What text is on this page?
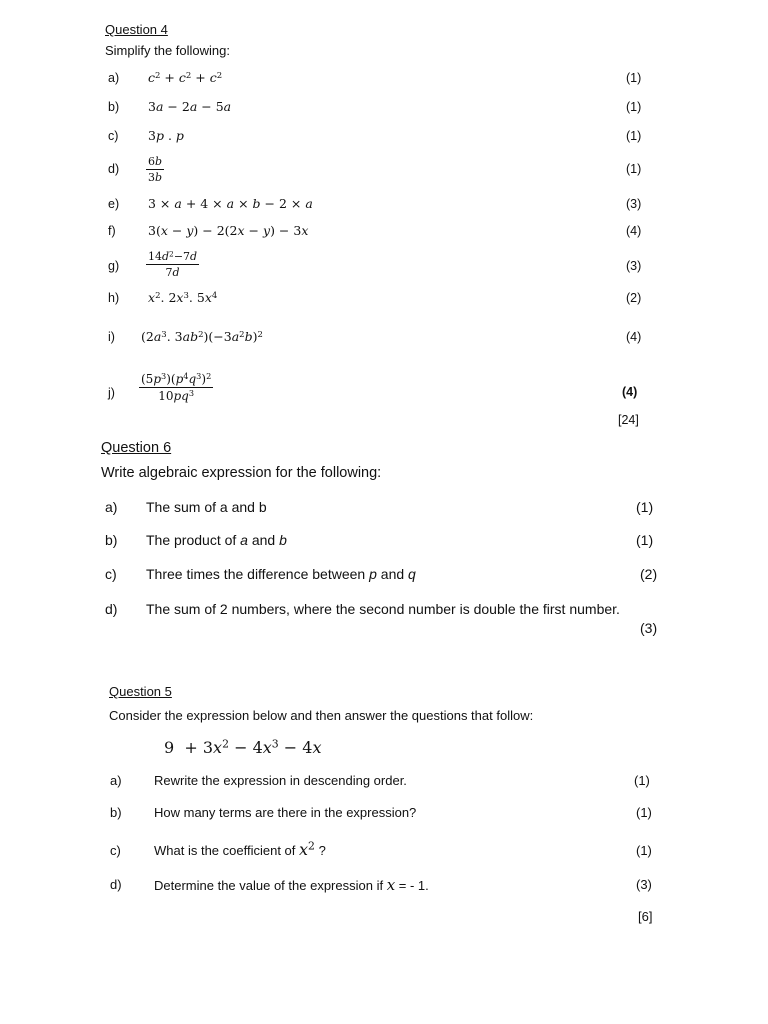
Question 4
Simplify the following:
a) $c^2 + c^2 + c^2$	(1)
b) 3a − 2a − 5a	(1)
c) 3p . p	(1)
$d) \frac{6b}{3b}$	(1)
e) 3 × a + 4 × a × b − 2 × a	(3)
f)	3(x − y) − 2(2x − y) − 3x	(4)
$g) \frac{14d^2-7d}{7d}$	(3)
h) $x^2$. $2x^3$. $5x^4$	(2)
i) ($2a^3$. $3ab^2)(-3a^2b)^2$	(4)
$j) \frac{(5p^3)(p^4q^3)^2}{10pq^3}$	(4)
[24]
Question 6
Write algebraic expression for the following:
a) The sum of a and b	(1)
b) The product of a and b	(1)
c) Three times the difference between p and q	(2)
d) The sum of 2 numbers, where the second number is double the first number.
(3)
Question 5
Consider the expression below and then answer the questions that follow:
$9 + 3x^2 - 4x^3 - 4x$
a) Rewrite the expression in descending order.	(1)
b) How many terms are there in the expression?	(1)
c)	What is the coefficient of $x^2$ ?	(1)
d) Determine the value of the expression if x = - 1.	(3)
[6]
